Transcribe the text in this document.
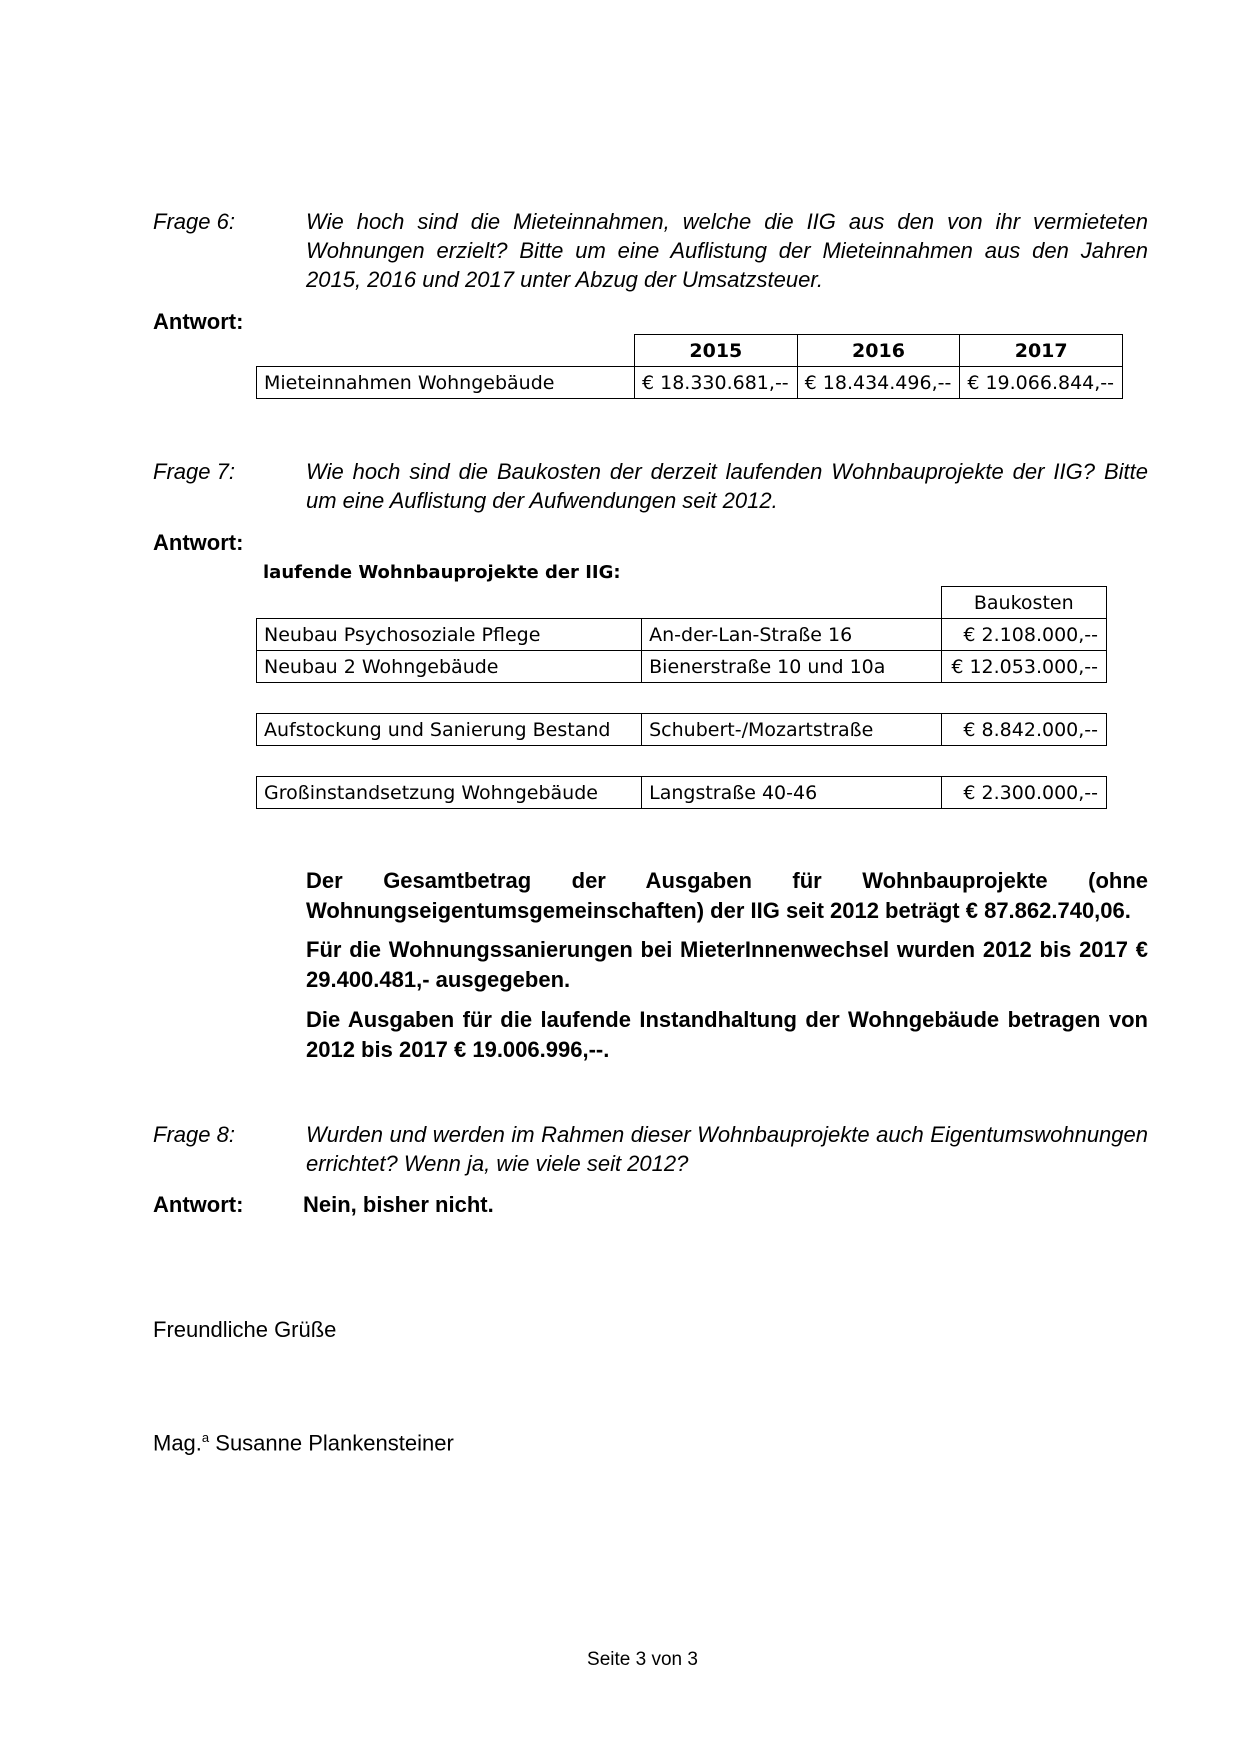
Frage 6:	Wie hoch sind die Mieteinnahmen, welche die IIG aus den von ihr vermieteten Wohnungen erzielt? Bitte um eine Auflistung der Mieteinnahmen aus den Jahren 2015, 2016 und 2017 unter Abzug der Umsatzsteuer.
Antwort:
	2015	2016	2017
Mieteinnahmen Wohngebäude	€ 18.330.681,--	€ 18.434.496,--	€ 19.066.844,--
Frage 7:	Wie hoch sind die Baukosten der derzeit laufenden Wohnbauprojekte der IIG? Bitte um eine Auflistung der Aufwendungen seit 2012.
Antwort:
laufende Wohnbauprojekte der IIG:
		Baukosten
Neubau Psychosoziale Pflege	An-der-Lan-Straße 16	€ 2.108.000,--
Neubau 2 Wohngebäude	Bienerstraße 10 und 10a	€ 12.053.000,--

Aufstockung und Sanierung Bestand	Schubert-/Mozartstraße	€ 8.842.000,--

Großinstandsetzung Wohngebäude	Langstraße 40-46	€ 2.300.000,--
Der Gesamtbetrag der Ausgaben für Wohnbauprojekte (ohne Wohnungseigentumsgemeinschaften) der IIG seit 2012 beträgt € 87.862.740,06.
Für die Wohnungssanierungen bei MieterInnenwechsel wurden 2012 bis 2017 € 29.400.481,- ausgegeben.
Die Ausgaben für die laufende Instandhaltung der Wohngebäude betragen von 2012 bis 2017 € 19.006.996,--.
Frage 8:	Wurden und werden im Rahmen dieser Wohnbauprojekte auch Eigentumswohnungen errichtet? Wenn ja, wie viele seit 2012?
Antwort:	Nein, bisher nicht.
Freundliche Grüße
Mag.$^a$ Susanne Plankensteiner
Seite 3 von 3
